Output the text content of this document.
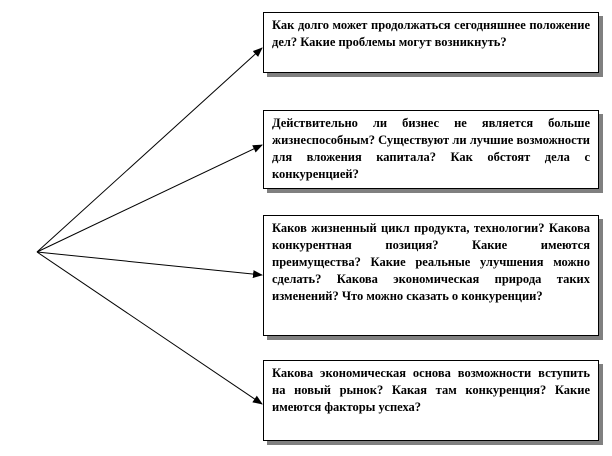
Как долго может продолжаться сегодняшнее положение дел? Какие проблемы могут возникнуть?
Действительно ли бизнес не является больше жизнеспособным? Существуют ли лучшие возможности для вложения капитала? Как обстоят дела с конкуренцией?
Каков жизненный цикл продукта, технологии? Какова конкурентная позиция? Какие имеются преимущества? Какие реальные улучшения можно сделать? Какова экономическая природа таких изменений? Что можно сказать о конкуренции?
Какова экономическая основа возможности вступить на новый рынок? Какая там конкуренция? Какие имеются факторы успеха?
